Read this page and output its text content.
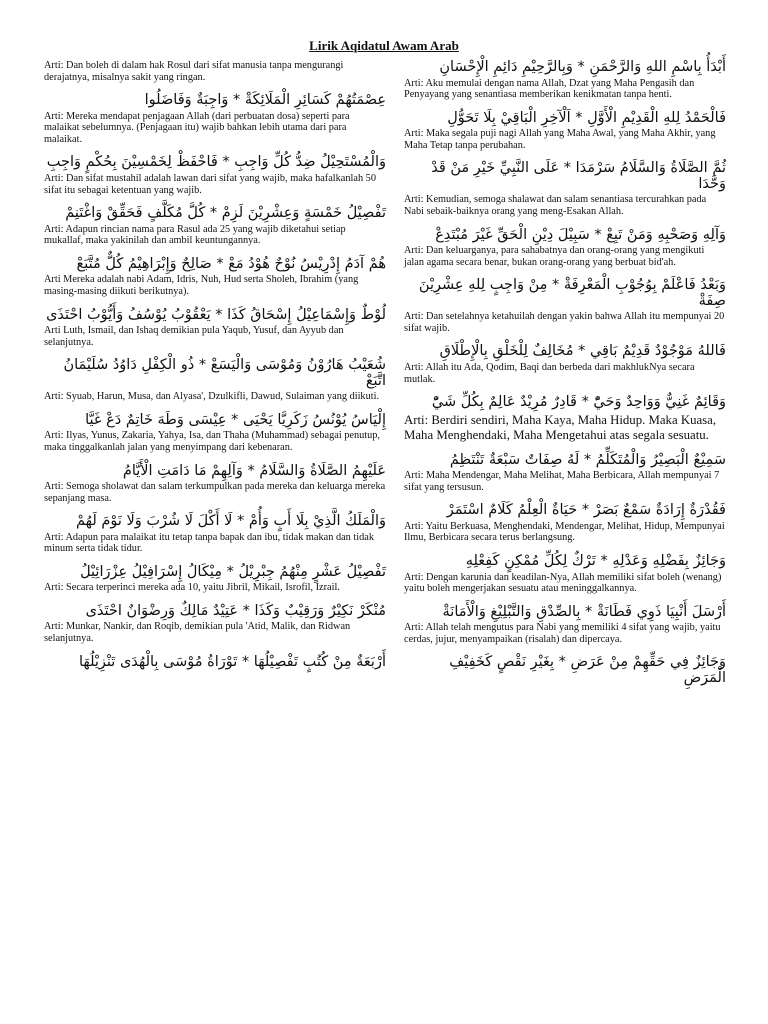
Lirik Aqidatul Awam Arab

Arti: Dan boleh di dalam hak Rosul dari sifat manusia tanpa mengurangi derajatnya, misalnya sakit yang ringan.

عِصْمَتُهُمْ كَسَائِرِ الْمَلَائِكَةْ * وَاجِبَةٌ وَفَاضَلُوا

Arti: Mereka mendapat penjagaan Allah (dari perbuatan dosa) seperti para malaikat sebelumnya. (Penjagaan itu) wajib bahkan lebih utama dari para malaikat.

وَالْمُسْتَحِيْلُ ضِدُّ كُلِّ وَاجِبِ * فَاحْفَظْ لِخَمْسِيْنَ بِحُكْمٍ وَاجِبِ

Arti: Dan sifat mustahil adalah lawan dari sifat yang wajib, maka hafalkanlah 50 sifat itu sebagai ketentuan yang wajib.

تَفْصِيْلُ خَمْسَةٍ وَعِشْرِيْنَ لَزِمْ * كُلَّ مُكَلَّفٍ فَحَقِّقْ وَاغْتَنِمْ

Arti: Adapun rincian nama para Rasul ada 25 yang wajib diketahui setiap mukallaf, maka yakinilah dan ambil keuntungannya.

هُمْ آدَمُ إِدْرِيْسُ نُوْحٌ هُوْدُ مَعْ * صَالِحٌ وَإِبْرَاهِيْمُ كُلٌّ مُتَّبَعْ

Arti Mereka adalah nabi Adam, Idris, Nuh, Hud serta Sholeh, Ibrahim (yang masing-masing diikuti berikutnya).

لُوْطٌ وَإِسْمَاعِيْلُ إِسْحَاقُ كَذَا * يَعْقُوْبُ يُوْسُفُ وَأَيُّوْبُ احْتَذَى

Arti Luth, Ismail, dan Ishaq demikian pula Yaqub, Yusuf, dan Ayyub dan selanjutnya.

شُعَيْبُ هَارُوْنُ وَمُوْسَى وَالْيَسَعْ * ذُو الْكِفْلِ دَاوُدُ سُلَيْمَانُ اتَّبَعْ

Arti: Syuab, Harun, Musa, dan Alyasa', Dzulkifli, Dawud, Sulaiman yang diikuti.

إِلْيَاسُ يُوْنُسُ زَكَرِيَّا يَحْيَى * عِيْسَى وَطَهَ خَاتِمٌ دَعْ غَيَّا

Arti: Ilyas, Yunus, Zakaria, Yahya, Isa, dan Thaha (Muhammad) sebagai penutup, maka tinggalkanlah jalan yang menyimpang dari kebenaran.

عَلَيْهِمُ الصَّلَاةُ وَالسَّلَامُ * وَآلِهِمْ مَا دَامَتِ الْأَيَّامُ

Arti: Semoga sholawat dan salam terkumpulkan pada mereka dan keluarga mereka sepanjang masa.

وَالْمَلَكُ الَّذِيْ بِلَا أَبٍ وَأُمْ * لَا أَكْلَ لَا شُرْبَ وَلَا نَوْمَ لَهُمْ

Arti: Adapun para malaikat itu tetap tanpa bapak dan ibu, tidak makan dan tidak minum serta tidak tidur.

تَفْصِيْلُ عَشْرٍ مِنْهُمُ جِبْرِيْلُ * مِيْكَالُ إِسْرَافِيْلُ عِزْرَائِيْلُ

Arti: Secara terperinci mereka ada 10, yaitu Jibril, Mikail, Isrofil, Izrail.

مُنْكَرْ نَكِيْرٌ وَرَقِيْبٌ وَكَذَا * عَتِيْدٌ مَالِكٌ وَرِضْوَانٌ احْتَذَى

Arti: Munkar, Nankir, dan Roqib, demikian pula 'Atid, Malik, dan Ridwan selanjutnya.

أَرْبَعَةٌ مِنْ كُتُبٍ تَفْصِيْلُهَا * تَوْرَاةُ مُوْسَى بِالْهُدَى تَنْزِيْلُهَا

أَبْدَأُ بِاسْمِ اللهِ وَالرَّحْمَنِ * وَبِالرَّحِيْمِ دَائِمِ الْإِحْسَانِ

Arti: Aku memulai dengan nama Allah, Dzat yang Maha Pengasih dan Penyayang yang senantiasa memberikan kenikmatan tanpa henti.

فَالْحَمْدُ لِلهِ الْقَدِيْمِ الْأَوَّلِ * اَلْآخِرِ الْبَاقِيْ بِلَا تَحَوُّلِ

Arti: Maka segala puji nagi Allah yang Maha Awal, yang Maha Akhir, yang Maha Tetap tanpa perubahan.

ثُمَّ الصَّلَاةُ وَالسَّلَامُ سَرْمَدَا * عَلَى النَّبِيِّ خَيْرِ مَنْ قَدْ وَحَّدَا

Arti: Kemudian, semoga shalawat dan salam senantiasa tercurahkan pada Nabi sebaik-baiknya orang yang meng-Esakan Allah.

وَآلِهِ وَصَحْبِهِ وَمَنْ تَبِعْ * سَبِيْلَ دِيْنِ الْحَقِّ غَيْرَ مُبْتَدِعْ

Arti: Dan keluarganya, para sahabatnya dan orang-orang yang mengikuti jalan agama secara benar, bukan orang-orang yang berbuat bid'ah.

وَبَعْدُ فَاعْلَمْ بِوُجُوْبِ الْمَعْرِفَةْ * مِنْ وَاجِبٍ لِلهِ عِشْرِيْنَ صِفَةْ

Arti: Dan setelahnya ketahuilah dengan yakin bahwa Allah itu mempunyai 20 sifat wajib.

فَاللهُ مَوْجُوْدٌ قَدِيْمٌ بَاقِي * مُخَالِفٌ لِلْخَلْقِ بِالْإِطْلَاقِ

Arti: Allah itu Ada, Qodim, Baqi dan berbeda dari makhlukNya secara mutlak.

وَقَائِمٌ غَنِيٌّ وَوَاحِدٌ وَحَيّْ * قَادِرٌ مُرِيْدٌ عَالِمٌ بِكُلِّ شَيّْ

Arti: Berdiri sendiri, Maha Kaya, Maha Hidup. Maka Kuasa, Maha Menghendaki, Maha Mengetahui atas segala sesuatu.

سَمِيْعٌ الْبَصِيْرُ وَالْمُتَكَلِّمُ * لَهُ صِفَاتٌ سَبْعَةٌ تَنْتَظِمُ

Arti: Maha Mendengar, Maha Melihat, Maha Berbicara, Allah mempunyai 7 sifat yang tersusun.

فَقُدْرَةٌ إِرَادَةٌ سَمْعٌ بَصَرْ * حَيَاةٌ الْعِلْمُ كَلَامٌ اسْتَمَرْ

Arti: Yaitu Berkuasa, Menghendaki, Mendengar, Melihat, Hidup, Mempunyai Ilmu, Berbicara secara terus berlangsung.

وَجَائِزٌ بِفَضْلِهِ وَعَدْلِهِ * تَرْكٌ لِكُلِّ مُمْكِنٍ كَفِعْلِهِ

Arti: Dengan karunia dan keadilan-Nya, Allah memiliki sifat boleh (wenang) yaitu boleh mengerjakan sesuatu atau meninggalkannya.

أَرْسَلَ أَنْبِيَا ذَوِي فَطَانَةْ * بِالصِّدْقِ وَالتَّبْلِيْغِ وَالْأَمَانَةْ

Arti: Allah telah mengutus para Nabi yang memiliki 4 sifat yang wajib, yaitu cerdas, jujur, menyampaikan (risalah) dan dipercaya.

وَجَائِزٌ فِي حَقِّهِمْ مِنْ عَرَضِ * بِغَيْرِ نَقْصٍ كَخَفِيْفِ الْمَرَضِ
